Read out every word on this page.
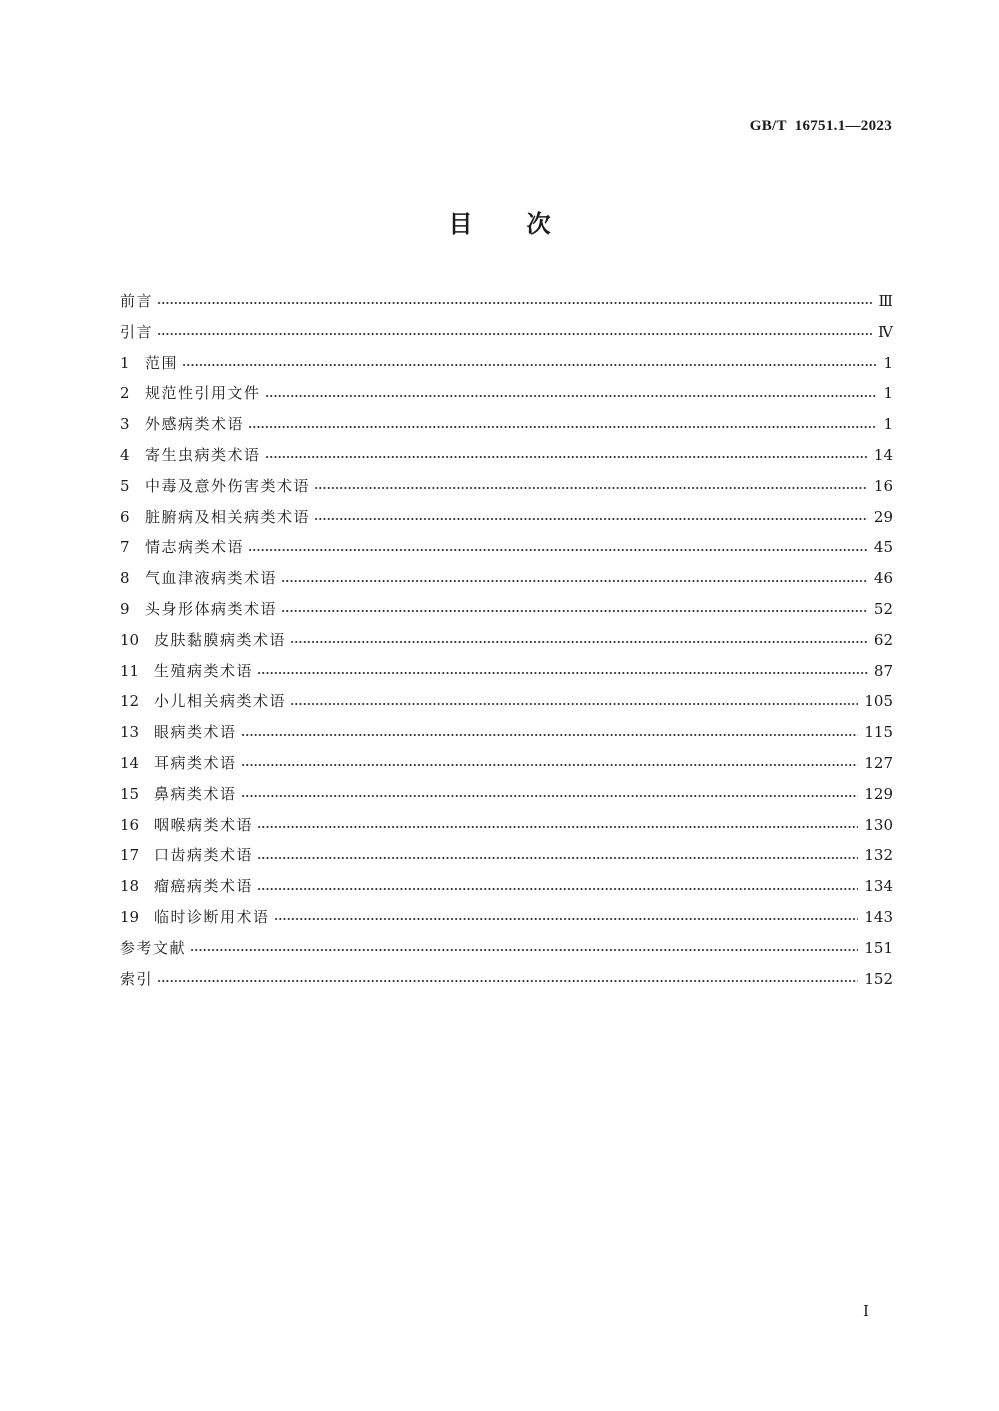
GB/T  16751.1—2023
目次
前言	Ⅲ
引言	Ⅳ
1	范围	1
2	规范性引用文件	1
3	外感病类术语	1
4	寄生虫病类术语	14
5	中毒及意外伤害类术语	16
6	脏腑病及相关病类术语	29
7	情志病类术语	45
8	气血津液病类术语	46
9	头身形体病类术语	52
10 皮肤黏膜病类术语	62
11 生殖病类术语	87
12 小儿相关病类术语	105
13 眼病类术语	115
14 耳病类术语	127
15 鼻病类术语	129
16 咽喉病类术语	130
17 口齿病类术语	132
18 瘤癌病类术语	134
19 临时诊断用术语	143
参考文献	151
索引	152
Ⅰ
